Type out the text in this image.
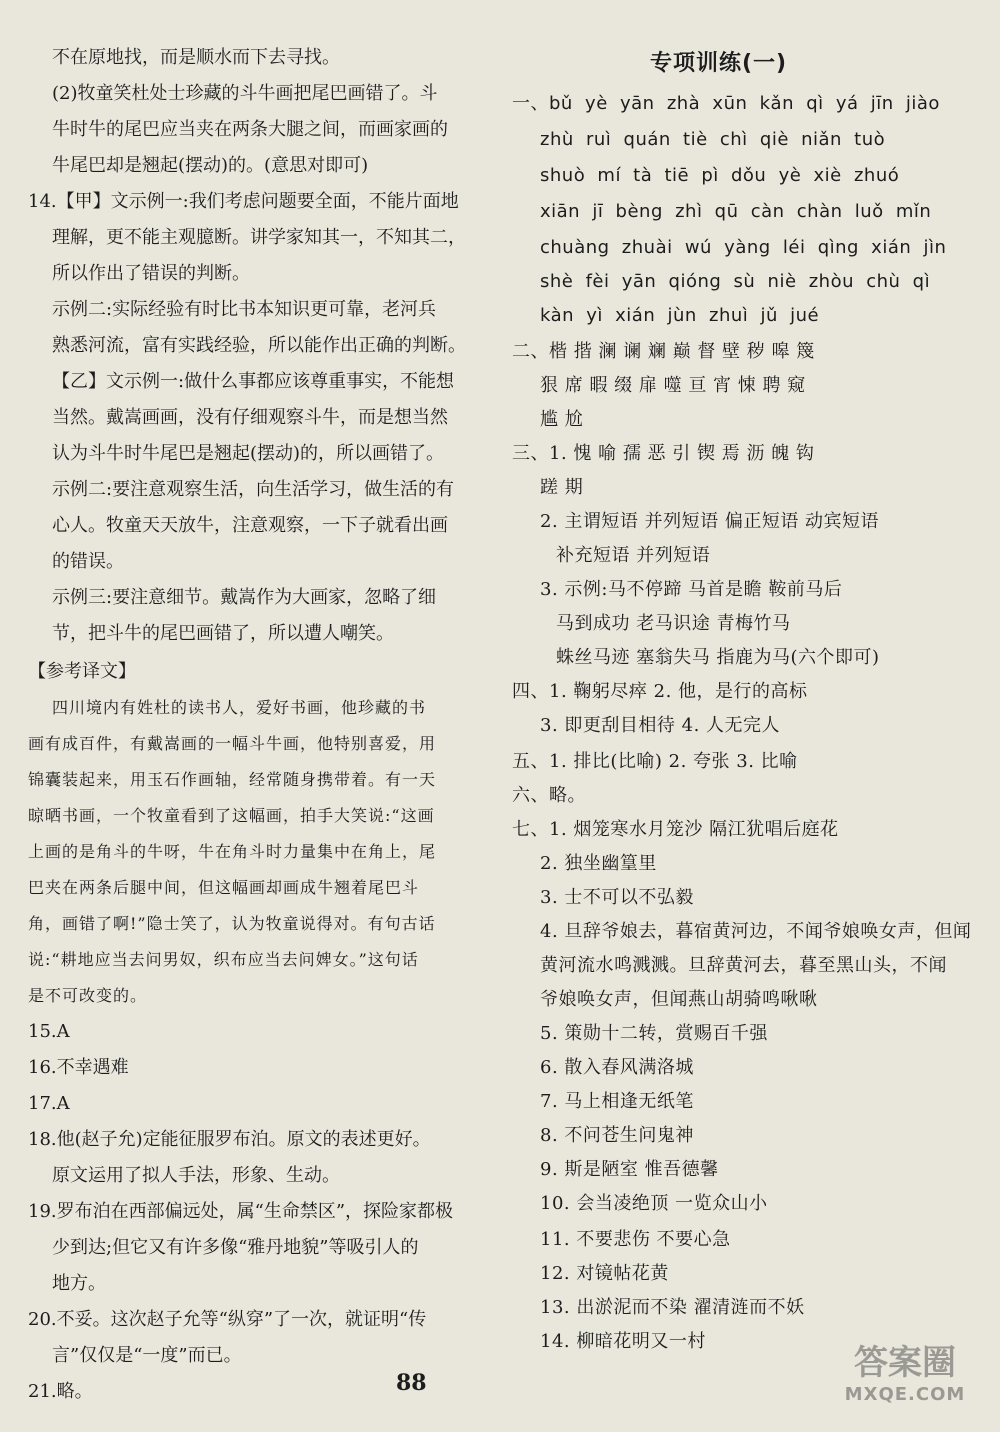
不在原地找，而是顺水而下去寻找。
(2)牧童笑杜处士珍藏的斗牛画把尾巴画错了。斗
牛时牛的尾巴应当夹在两条大腿之间，而画家画的
牛尾巴却是翘起(摆动)的。(意思对即可)
14.【甲】文示例一:我们考虑问题要全面，不能片面地
理解，更不能主观臆断。讲学家知其一，不知其二，
所以作出了错误的判断。
示例二:实际经验有时比书本知识更可靠，老河兵
熟悉河流，富有实践经验，所以能作出正确的判断。
【乙】文示例一:做什么事都应该尊重事实，不能想
当然。戴嵩画画，没有仔细观察斗牛，而是想当然
认为斗牛时牛尾巴是翘起(摆动)的，所以画错了。
示例二:要注意观察生活，向生活学习，做生活的有
心人。牧童天天放牛，注意观察，一下子就看出画
的错误。
示例三:要注意细节。戴嵩作为大画家，忽略了细
节，把斗牛的尾巴画错了，所以遭人嘲笑。
【参考译文】
四川境内有姓杜的读书人，爱好书画，他珍藏的书
画有成百件，有戴嵩画的一幅斗牛画，他特别喜爱，用
锦囊装起来，用玉石作画轴，经常随身携带着。有一天
晾晒书画，一个牧童看到了这幅画，拍手大笑说:“这画
上画的是角斗的牛呀，牛在角斗时力量集中在角上，尾
巴夹在两条后腿中间，但这幅画却画成牛翘着尾巴斗
角，画错了啊!”隐士笑了，认为牧童说得对。有句古话
说:“耕地应当去问男奴，织布应当去问婢女。”这句话
是不可改变的。
15.A
16.不幸遇难
17.A
18.他(赵子允)定能征服罗布泊。原文的表述更好。
原文运用了拟人手法，形象、生动。
19.罗布泊在西部偏远处，属“生命禁区”，探险家都极
少到达;但它又有许多像“雅丹地貌”等吸引人的
地方。
20.不妥。这次赵子允等“纵穿”了一次，就证明“传
言”仅仅是“一度”而已。
21.略。
专项训练(一)
一、bǔ yè yān zhà xūn kǎn qì yá jīn jiào
zhù ruì quán tiè chì qiè niǎn tuò
shuò mí tà tiē pì dǒu yè xiè zhuó
xiān jī bèng zhì qū càn chàn luǒ mǐn
chuàng zhuài wú yàng léi qìng xián jìn
shè fèi yān qióng sù niè zhòu chù qì
kàn yì xián jùn zhuì jǔ jué
二、楷 揩 澜 谰 斓 巅 督 壁 秽 嗥 篾
狠 席 暇 缀 扉 噬 亘 宵 悚 聘 窥
尴 尬
三、1. 愧 喻 孺 恶 引 锲 焉 沥 魄 钩
蹉 期
2. 主谓短语 并列短语 偏正短语 动宾短语
补充短语 并列短语
3. 示例:马不停蹄 马首是瞻 鞍前马后
马到成功 老马识途 青梅竹马
蛛丝马迹 塞翁失马 指鹿为马(六个即可)
四、1. 鞠躬尽瘁 2. 他，是行的高标
3. 即更刮目相待 4. 人无完人
五、1. 排比(比喻) 2. 夸张 3. 比喻
六、略。
七、1. 烟笼寒水月笼沙 隔江犹唱后庭花
2. 独坐幽篁里
3. 士不可以不弘毅
4. 旦辞爷娘去，暮宿黄河边，不闻爷娘唤女声，但闻
黄河流水鸣溅溅。旦辞黄河去，暮至黑山头，不闻
爷娘唤女声，但闻燕山胡骑鸣啾啾
5. 策勋十二转，赏赐百千强
6. 散入春风满洛城
7. 马上相逢无纸笔
8. 不问苍生问鬼神
9. 斯是陋室 惟吾德馨
10. 会当凌绝顶 一览众山小
11. 不要悲伤 不要心急
12. 对镜帖花黄
13. 出淤泥而不染 濯清涟而不妖
14. 柳暗花明又一村
88	答案圈
MXQE.COM
